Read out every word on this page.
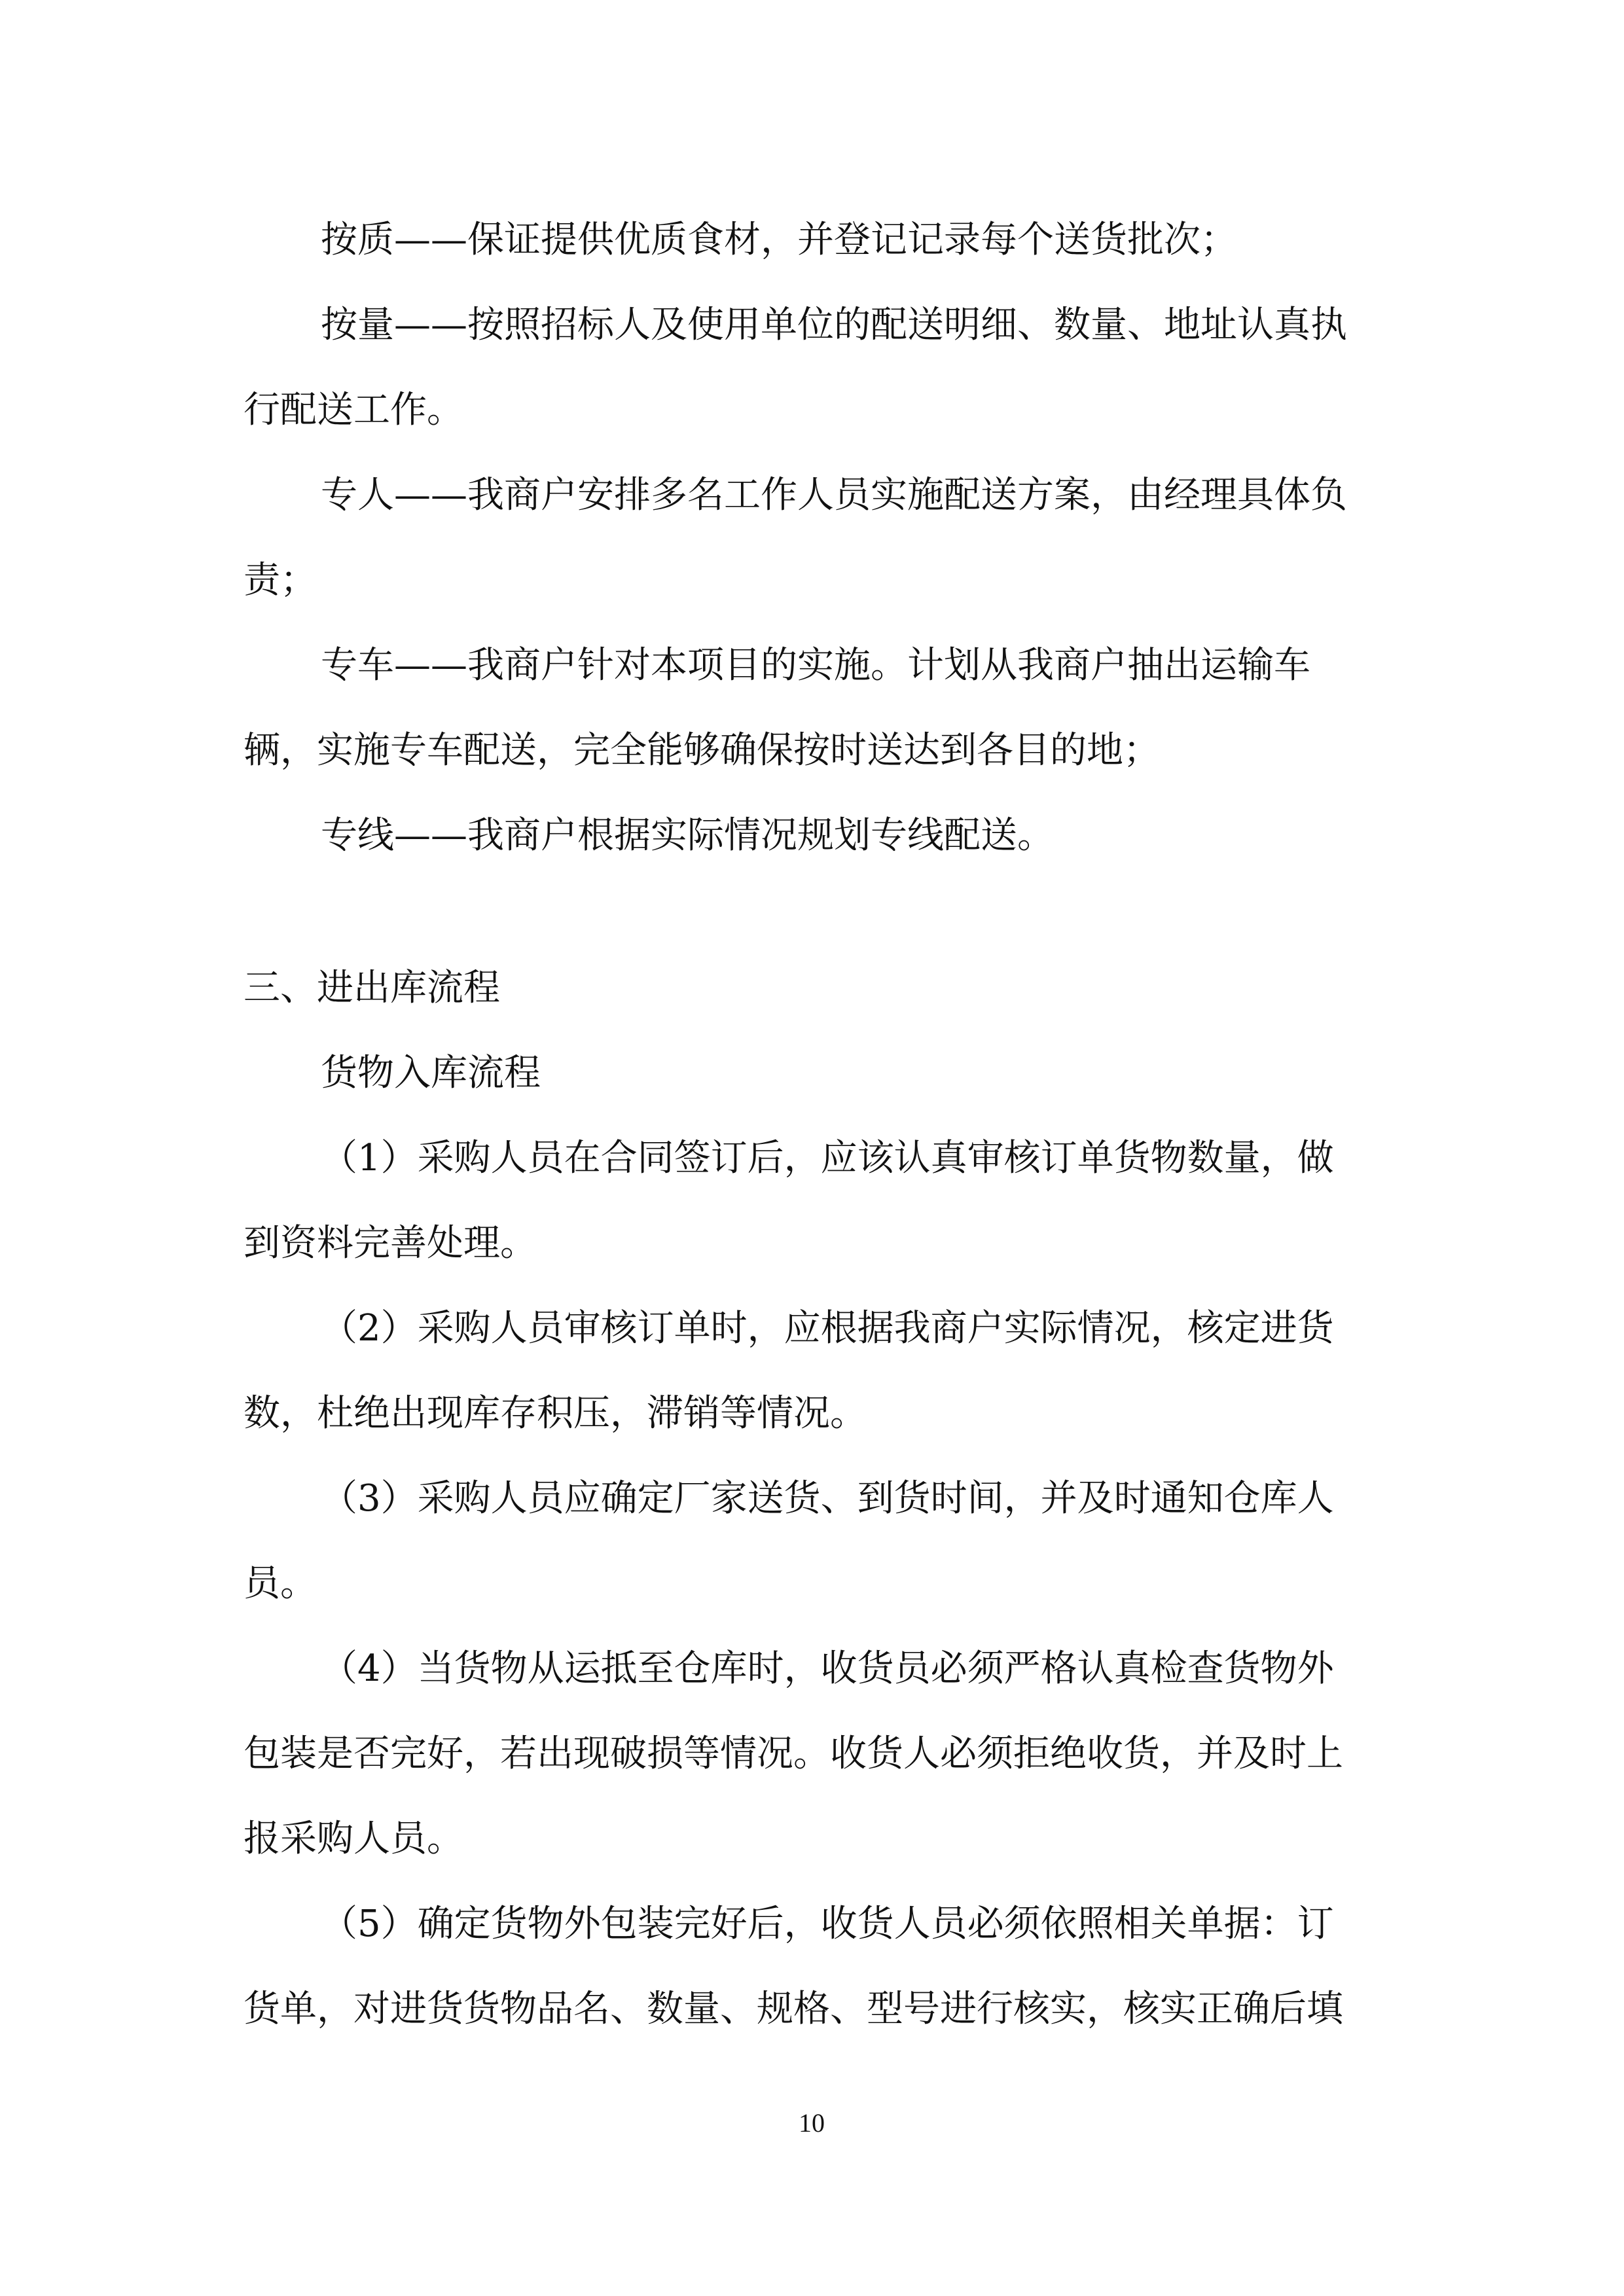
按质——保证提供优质食材，并登记记录每个送货批次；
按量——按照招标人及使用单位的配送明细、数量、地址认真执
行配送工作。
专人——我商户安排多名工作人员实施配送方案，由经理具体负
责；
专车——我商户针对本项目的实施。计划从我商户抽出运输车
辆，实施专车配送，完全能够确保按时送达到各目的地；
专线——我商户根据实际情况规划专线配送。
三、进出库流程
货物入库流程
（1）采购人员在合同签订后，应该认真审核订单货物数量，做
到资料完善处理。
（2）采购人员审核订单时，应根据我商户实际情况，核定进货
数，杜绝出现库存积压，滞销等情况。
（3）采购人员应确定厂家送货、到货时间，并及时通知仓库人
员。
（4）当货物从运抵至仓库时，收货员必须严格认真检查货物外
包装是否完好，若出现破损等情况。收货人必须拒绝收货，并及时上
报采购人员。
（5）确定货物外包装完好后，收货人员必须依照相关单据：订
货单，对进货货物品名、数量、规格、型号进行核实，核实正确后填
10
